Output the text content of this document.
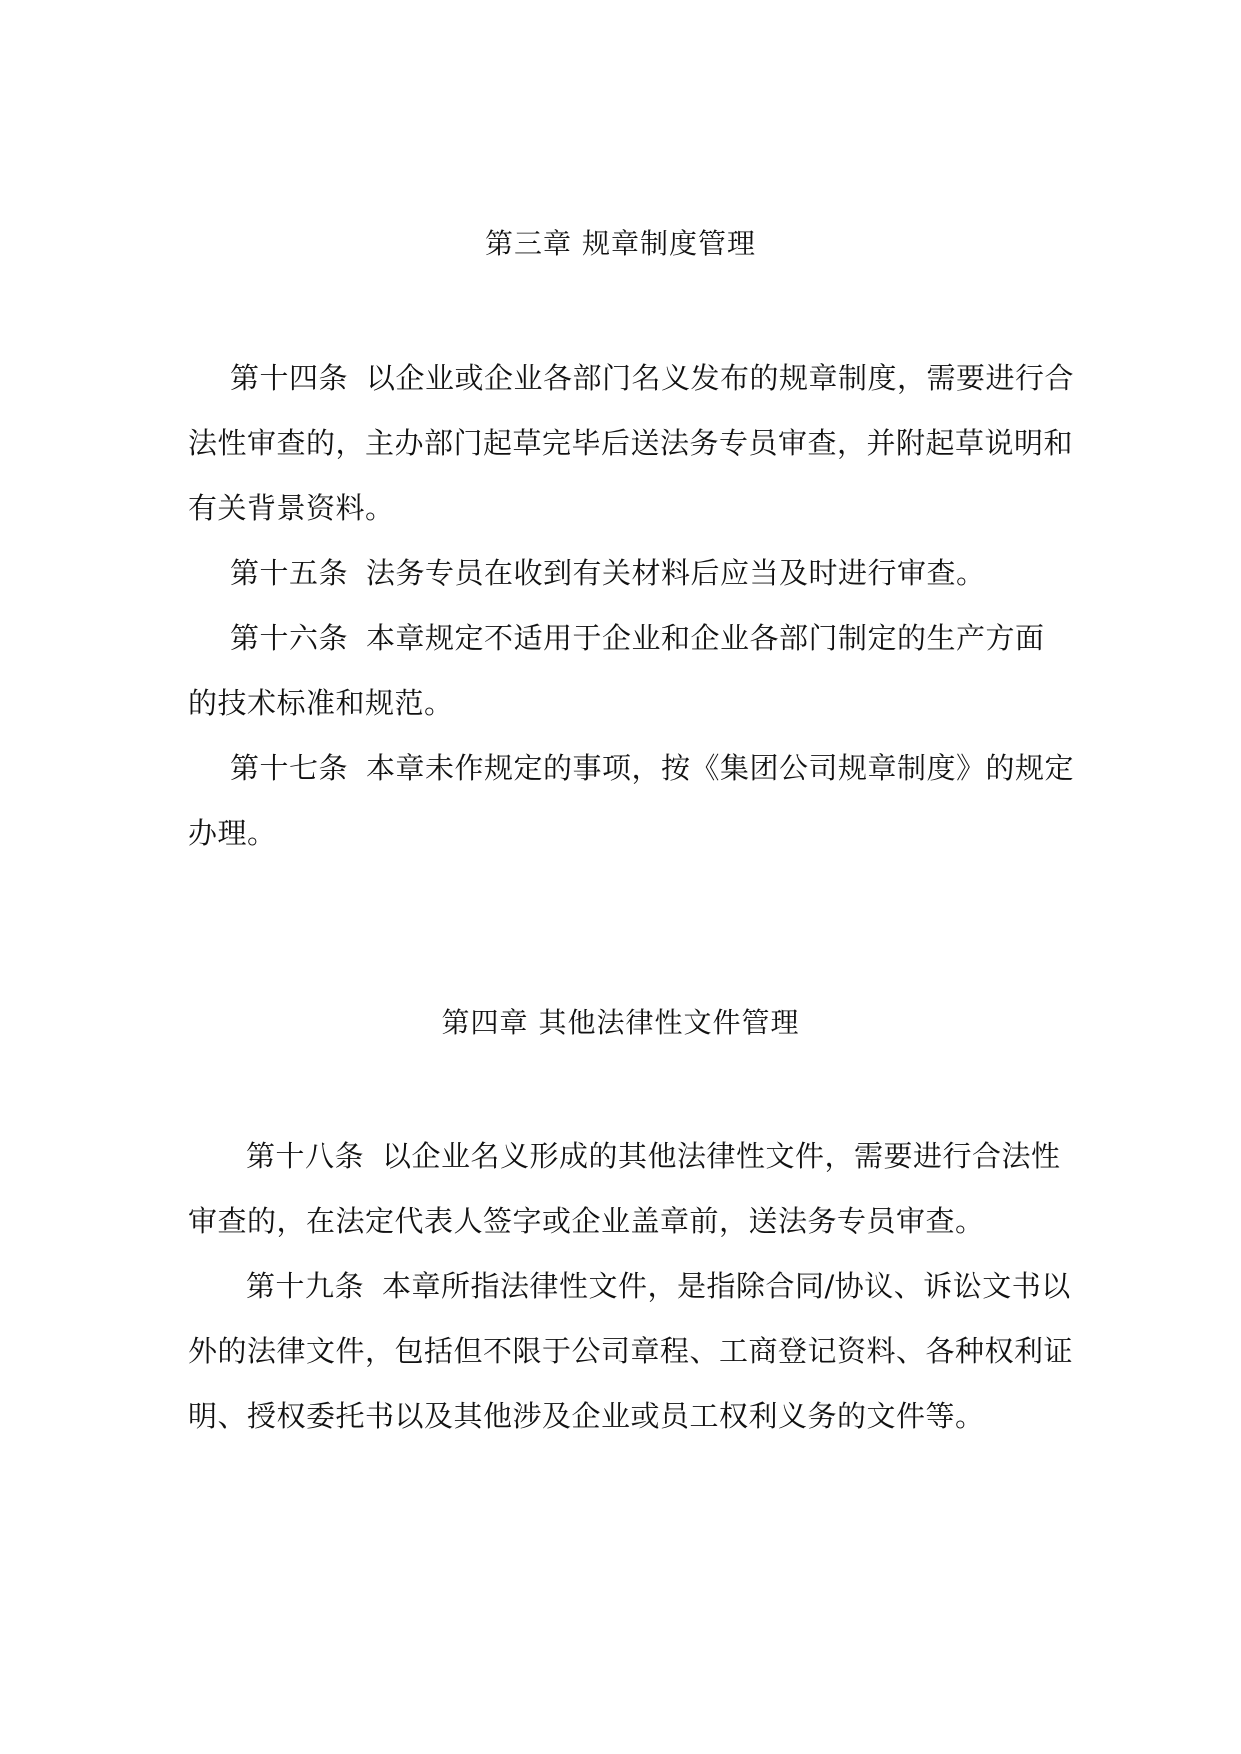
第三章 规章制度管理

第十四条 以企业或企业各部门名义发布的规章制度，需要进行合

法性审查的，主办部门起草完毕后送法务专员审查，并附起草说明和

有关背景资料。

第十五条 法务专员在收到有关材料后应当及时进行审查。

第十六条 本章规定不适用于企业和企业各部门制定的生产方面

的技术标准和规范。

第十七条 本章未作规定的事项，按《集团公司规章制度》的规定

办理。

第四章 其他法律性文件管理

第十八条 以企业名义形成的其他法律性文件，需要进行合法性

审查的，在法定代表人签字或企业盖章前，送法务专员审查。

第十九条 本章所指法律性文件，是指除合同/协议、诉讼文书以

外的法律文件，包括但不限于公司章程、工商登记资料、各种权利证

明、授权委托书以及其他涉及企业或员工权利义务的文件等。
